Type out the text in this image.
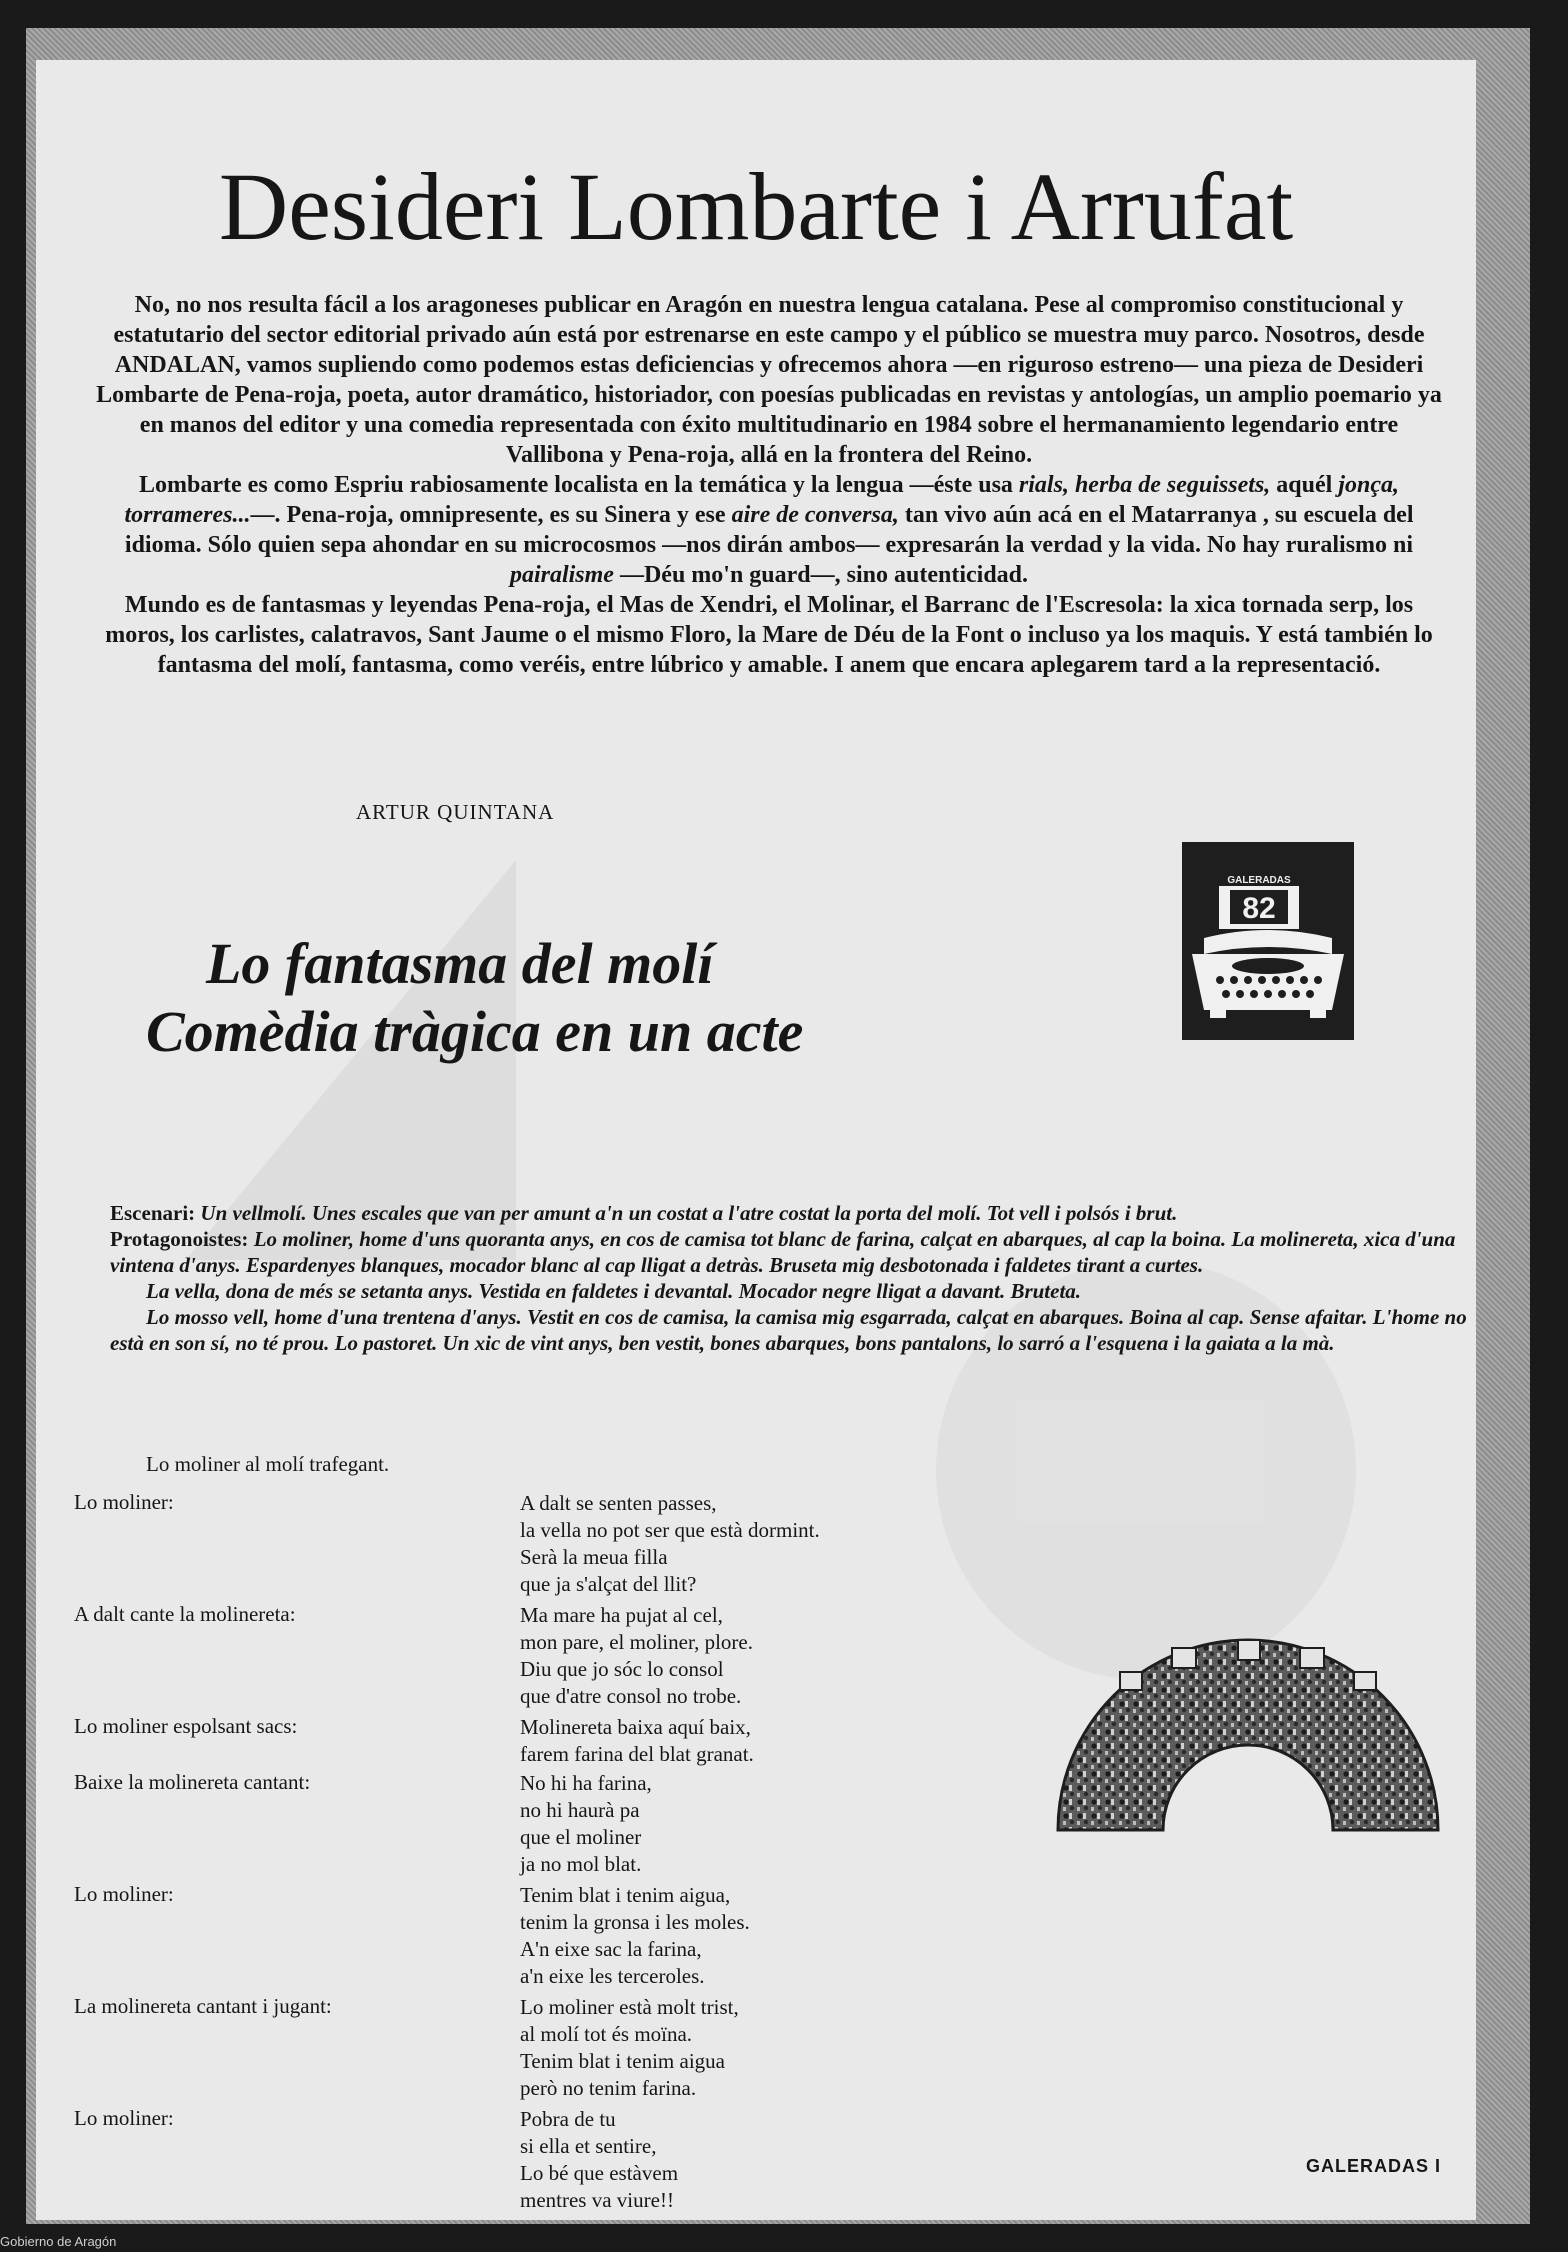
Desideri Lombarte i Arrufat

No, no nos resulta fácil a los aragoneses publicar en Aragón en nuestra lengua catalana. Pese al compromiso constitucional y estatutario del sector editorial privado aún está por estrenarse en este campo y el público se muestra muy parco. Nosotros, desde ANDALAN, vamos supliendo como podemos estas deficiencias y ofrecemos ahora —en riguroso estreno— una pieza de Desideri Lombarte de Pena-roja, poeta, autor dramático, historiador, con poesías publicadas en revistas y antologías, un amplio poemario ya en manos del editor y una comedia representada con éxito multitudinario en 1984 sobre el hermanamiento legendario entre Vallibona y Pena-roja, allá en la frontera del Reino.

Lombarte es como Espriu rabiosamente localista en la temática y la lengua —éste usa rials, herba de seguissets, aquél jonça, torrameres...—. Pena-roja, omnipresente, es su Sinera y ese aire de conversa, tan vivo aún acá en el Matarranya , su escuela del idioma. Sólo quien sepa ahondar en su microcosmos —nos dirán ambos— expresarán la verdad y la vida. No hay ruralismo ni pairalisme —Déu mo'n guard—, sino autenticidad.

Mundo es de fantasmas y leyendas Pena-roja, el Mas de Xendri, el Molinar, el Barranc de l'Escresola: la xica tornada serp, los moros, los carlistes, calatravos, Sant Jaume o el mismo Floro, la Mare de Déu de la Font o incluso ya los maquis. Y está también lo fantasma del molí, fantasma, como veréis, entre lúbrico y amable. I anem que encara aplegarem tard a la representació.

ARTUR QUINTANA
Lo fantasma del molí
Comèdia tràgica en un acte
GALERADAS
82

Escenari: Un vellmolí. Unes escales que van per amunt a'n un costat a l'atre costat la porta del molí. Tot vell i polsós i brut.

Protagonoistes: Lo moliner, home d'uns quoranta anys, en cos de camisa tot blanc de farina, calçat en abarques, al cap la boina. La molinereta, xica d'una vintena d'anys. Espardenyes blanques, mocador blanc al cap lligat a detràs. Bruseta mig desbotonada i faldetes tirant a curtes.

La vella, dona de més se setanta anys. Vestida en faldetes i devantal. Mocador negre lligat a davant. Bruteta.

Lo mosso vell, home d'una trentena d'anys. Vestit en cos de camisa, la camisa mig esgarrada, calçat en abarques. Boina al cap. Sense afaitar. L'home no està en son sí, no té prou. Lo pastoret. Un xic de vint anys, ben vestit, bones abarques, bons pantalons, lo sarró a l'esquena i la gaiata a la mà.

Lo moliner al molí trafegant.
Lo moliner:	A dalt se senten passes,
la vella no pot ser que està dormint.
Serà la meua filla
que ja s'alçat del llit?
A dalt cante la molinereta:	Ma mare ha pujat al cel,
mon pare, el moliner, plore.
Diu que jo sóc lo consol
que d'atre consol no trobe.
Lo moliner espolsant sacs:	Molinereta baixa aquí baix,
farem farina del blat granat.
Baixe la molinereta cantant:	No hi ha farina,
no hi haurà pa
que el moliner
ja no mol blat.
Lo moliner:	Tenim blat i tenim aigua,
tenim la gronsa i les moles.
A'n eixe sac la farina,
a'n eixe les terceroles.
La molinereta cantant i jugant:	Lo moliner està molt trist,
al molí tot és moïna.
Tenim blat i tenim aigua
però no tenim farina.
Lo moliner:	Pobra de tu
si ella et sentire,
Lo bé que estàvem
mentres va viure!!
GALERADAS I
Gobierno de Aragón
